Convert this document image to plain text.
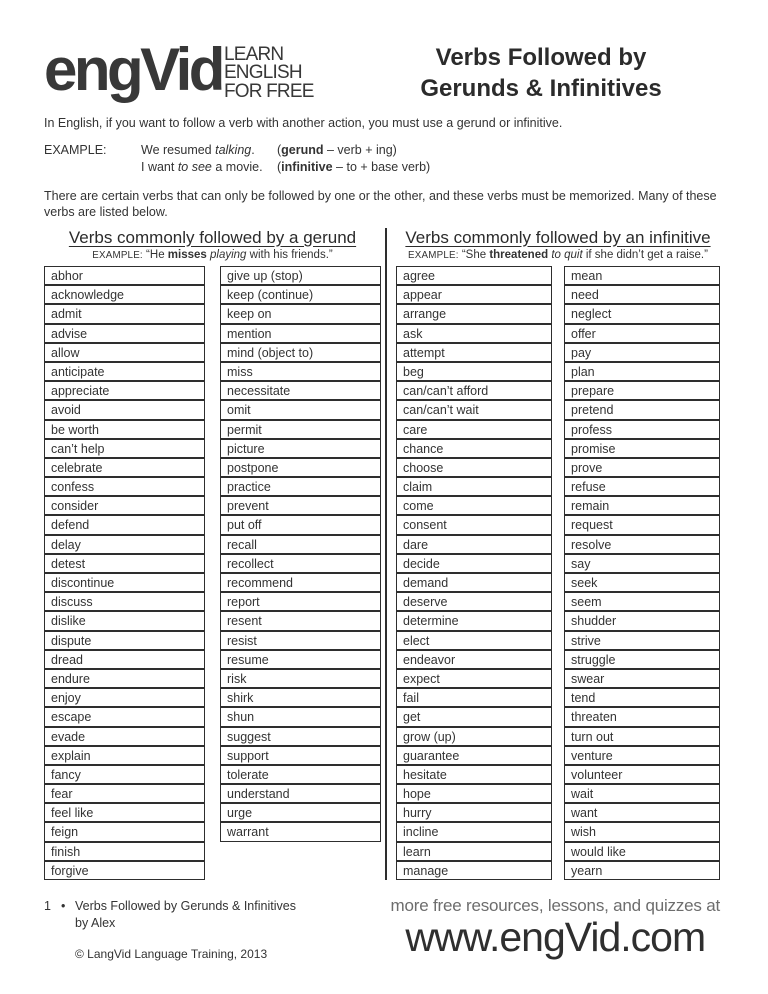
engVid LEARN
ENGLISH
FOR FREE
Verbs Followed by
Gerunds & Infinitives

In English, if you want to follow a verb with another action, you must use a gerund or infinitive.

EXAMPLE:	We resumed talking.	(gerund – verb + ing)
I want to see a movie.	(infinitive – to + base verb)

There are certain verbs that can only be followed by one or the other, and these verbs must be memorized. Many of these verbs are listed below.

Verbs commonly followed by a gerund
EXAMPLE: “He misses playing with his friends.”
abhor
acknowledge
admit
advise
allow
anticipate
appreciate
avoid
be worth
can’t help
celebrate
confess
consider
defend
delay
detest
discontinue
discuss
dislike
dispute
dread
endure
enjoy
escape
evade
explain
fancy
fear
feel like
feign
finish
forgive
give up (stop)
keep (continue)
keep on
mention
mind (object to)
miss
necessitate
omit
permit
picture
postpone
practice
prevent
put off
recall
recollect
recommend
report
resent
resist
resume
risk
shirk
shun
suggest
support
tolerate
understand
urge
warrant
Verbs commonly followed by an infinitive
EXAMPLE: “She threatened to quit if she didn’t get a raise.”
agree
appear
arrange
ask
attempt
beg
can/can’t afford
can/can’t wait
care
chance
choose
claim
come
consent
dare
decide
demand
deserve
determine
elect
endeavor
expect
fail
get
grow (up)
guarantee
hesitate
hope
hurry
incline
learn
manage
mean
need
neglect
offer
pay
plan
prepare
pretend
profess
promise
prove
refuse
remain
request
resolve
say
seek
seem
shudder
strive
struggle
swear
tend
threaten
turn out
venture
volunteer
wait
want
wish
would like
yearn
1 • Verbs Followed by Gerunds & Infinitives
by Alex
© LangVid Language Training, 2013
more free resources, lessons, and quizzes at
www.engVid.com
